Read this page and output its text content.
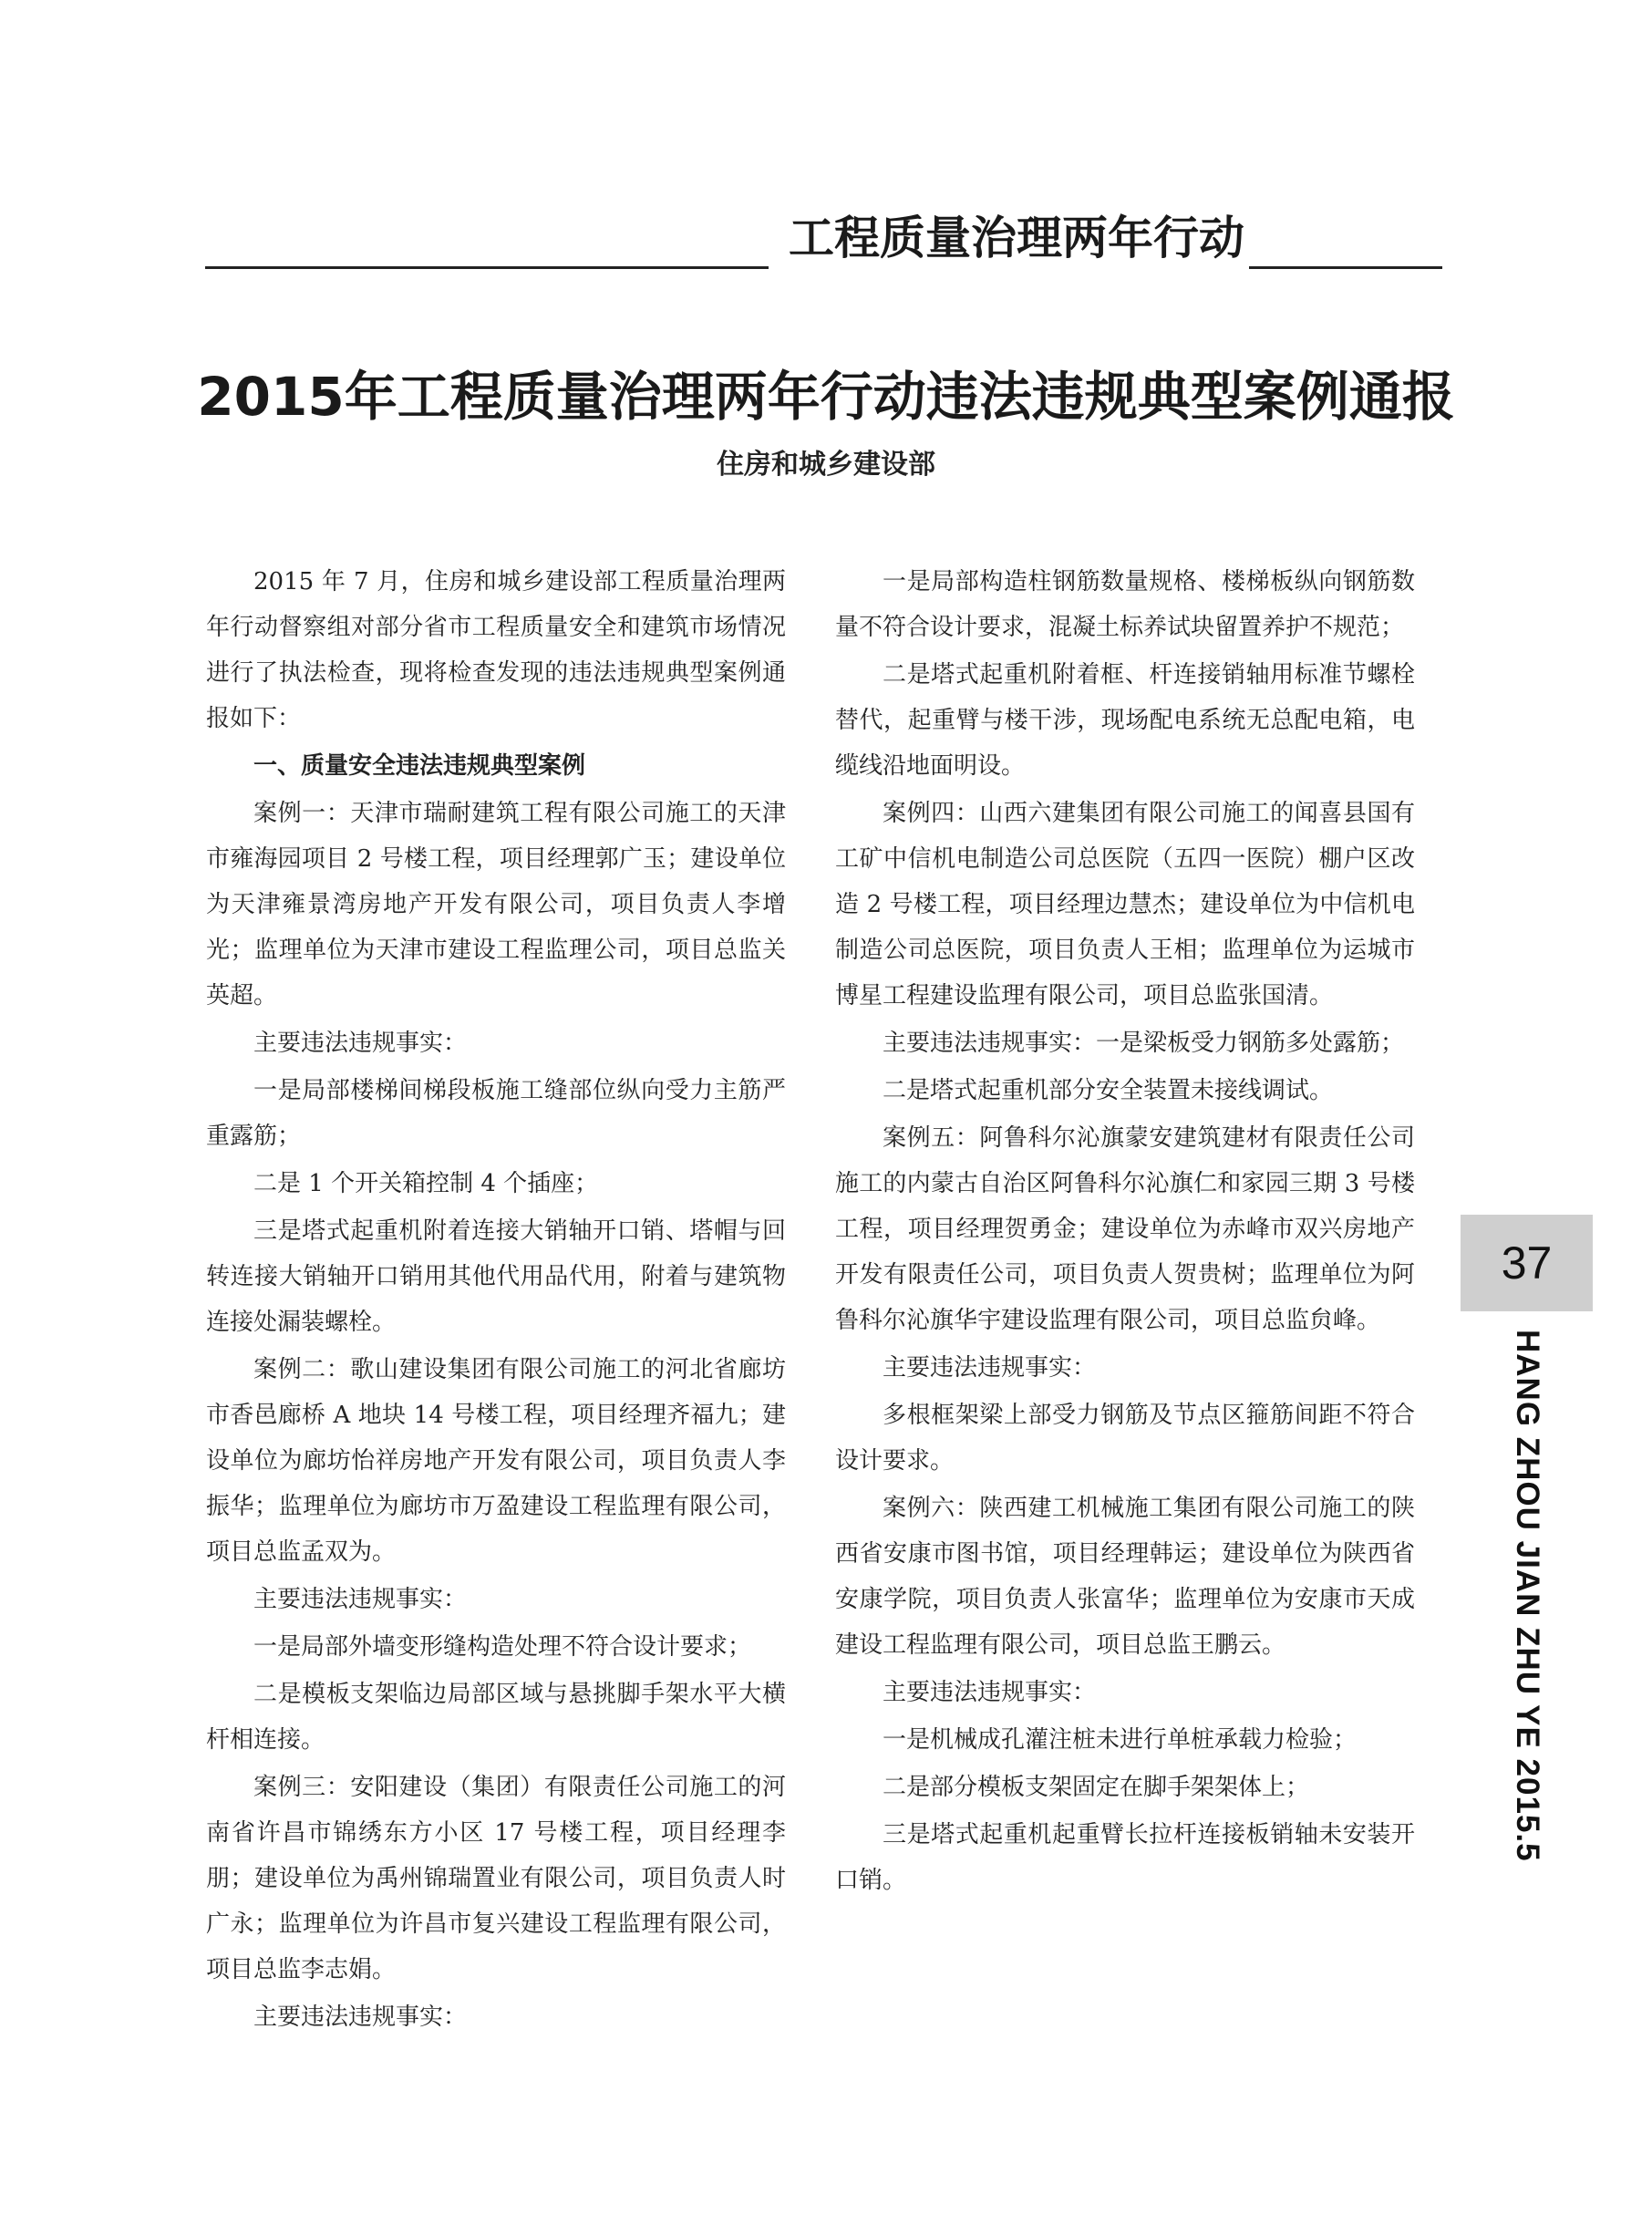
工程质量治理两年行动
2015年工程质量治理两年行动违法违规典型案例通报
住房和城乡建设部

2015 年 7 月，住房和城乡建设部工程质量治理两年行动督察组对部分省市工程质量安全和建筑市场情况进行了执法检查，现将检查发现的违法违规典型案例通报如下：

一、质量安全违法违规典型案例

案例一：天津市瑞耐建筑工程有限公司施工的天津市雍海园项目 2 号楼工程，项目经理郭广玉；建设单位为天津雍景湾房地产开发有限公司，项目负责人李增光；监理单位为天津市建设工程监理公司，项目总监关英超。

主要违法违规事实：

一是局部楼梯间梯段板施工缝部位纵向受力主筋严重露筋；

二是 1 个开关箱控制 4 个插座；

三是塔式起重机附着连接大销轴开口销、塔帽与回转连接大销轴开口销用其他代用品代用，附着与建筑物连接处漏装螺栓。

案例二：歌山建设集团有限公司施工的河北省廊坊市香邑廊桥 A 地块 14 号楼工程，项目经理齐福九；建设单位为廊坊怡祥房地产开发有限公司，项目负责人李振华；监理单位为廊坊市万盈建设工程监理有限公司，项目总监孟双为。

主要违法违规事实：

一是局部外墙变形缝构造处理不符合设计要求；

二是模板支架临边局部区域与悬挑脚手架水平大横杆相连接。

案例三：安阳建设（集团）有限责任公司施工的河南省许昌市锦绣东方小区 17 号楼工程，项目经理李朋；建设单位为禹州锦瑞置业有限公司，项目负责人时广永；监理单位为许昌市复兴建设工程监理有限公司，项目总监李志娟。

主要违法违规事实：

一是局部构造柱钢筋数量规格、楼梯板纵向钢筋数量不符合设计要求，混凝土标养试块留置养护不规范；

二是塔式起重机附着框、杆连接销轴用标准节螺栓替代，起重臂与楼干涉，现场配电系统无总配电箱，电缆线沿地面明设。

案例四：山西六建集团有限公司施工的闻喜县国有工矿中信机电制造公司总医院（五四一医院）棚户区改造 2 号楼工程，项目经理边慧杰；建设单位为中信机电制造公司总医院，项目负责人王相；监理单位为运城市博星工程建设监理有限公司，项目总监张国清。

主要违法违规事实：一是梁板受力钢筋多处露筋；

二是塔式起重机部分安全装置未接线调试。

案例五：阿鲁科尔沁旗蒙安建筑建材有限责任公司施工的内蒙古自治区阿鲁科尔沁旗仁和家园三期 3 号楼工程，项目经理贺勇金；建设单位为赤峰市双兴房地产开发有限责任公司，项目负责人贺贵树；监理单位为阿鲁科尔沁旗华宇建设监理有限公司，项目总监贠峰。

主要违法违规事实：

多根框架梁上部受力钢筋及节点区箍筋间距不符合设计要求。

案例六：陕西建工机械施工集团有限公司施工的陕西省安康市图书馆，项目经理韩运；建设单位为陕西省安康学院，项目负责人张富华；监理单位为安康市天成建设工程监理有限公司，项目总监王鹏云。

主要违法违规事实：

一是机械成孔灌注桩未进行单桩承载力检验；

二是部分模板支架固定在脚手架架体上；

三是塔式起重机起重臂长拉杆连接板销轴未安装开口销。

37
HANG ZHOU JIAN ZHU YE 2015.5
